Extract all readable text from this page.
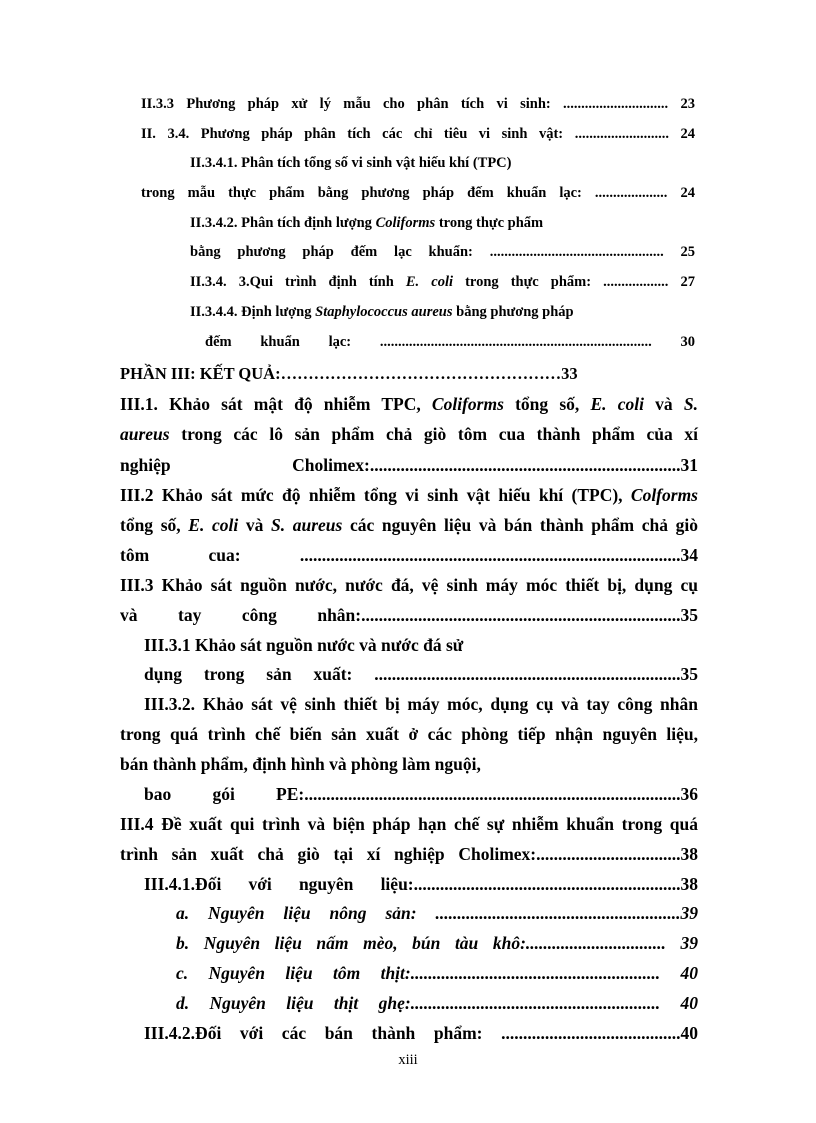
II.3.3 Phương pháp xử lý mẫu cho phân tích vi sinh: ............................. 23
II. 3.4. Phương pháp phân tích các chỉ tiêu vi sinh vật: .......................... 24
II.3.4.1. Phân tích tổng số vi sinh vật hiếu khí (TPC)
trong mẫu thực phẩm bằng phương pháp đếm khuẩn lạc: .................... 24
II.3.4.2. Phân tích định lượng Coliforms trong thực phẩm
bằng phương pháp đếm lạc khuẩn: ................................................ 25
II.3.4. 3.Qui trình định tính E. coli trong thực phẩm: .................. 27
II.3.4.4. Định lượng Staphylococcus aureus bằng phương pháp
đếm khuẩn lạc: ........................................................................... 30
PHẦN III: KẾT QUẢ:……………………………………………33
III.1. Khảo sát mật độ nhiễm TPC, Coliforms tổng số, E. coli và S.
aureus trong các lô sản phẩm chả giò tôm cua thành phẩm của xí
nghiệp Cholimex:.......................................................................31
III.2 Khảo sát mức độ nhiễm tổng vi sinh vật hiếu khí (TPC), Colforms
tổng số, E. coli và S. aureus các nguyên liệu và bán thành phẩm chả giò
tôm cua: .......................................................................................34
III.3 Khảo sát nguồn nước, nước đá, vệ sinh máy móc thiết bị, dụng cụ
và tay công nhân:.........................................................................35
III.3.1 Khảo sát nguồn nước và nước đá sử
dụng trong sản xuất: ......................................................................35
III.3.2. Khảo sát vệ sinh thiết bị máy móc, dụng cụ và tay công nhân
trong quá trình chế biến sản xuất ở các phòng tiếp nhận nguyên liệu,
bán thành phẩm, định hình và phòng làm nguội,
bao gói PE:......................................................................................36
III.4 Đề xuất qui trình và biện pháp hạn chế sự nhiễm khuẩn trong quá
trình sản xuất chả giò tại xí nghiệp Cholimex:.................................38
III.4.1.Đối với nguyên liệu:.............................................................38
a. Nguyên liệu nông sản: ........................................................39
b. Nguyên liệu nấm mèo, bún tàu khô:................................ 39
c. Nguyên liệu tôm thịt:......................................................... 40
d. Nguyên liệu thịt ghẹ:......................................................... 40
III.4.2.Đối với các bán thành phẩm: .........................................40
xiii
